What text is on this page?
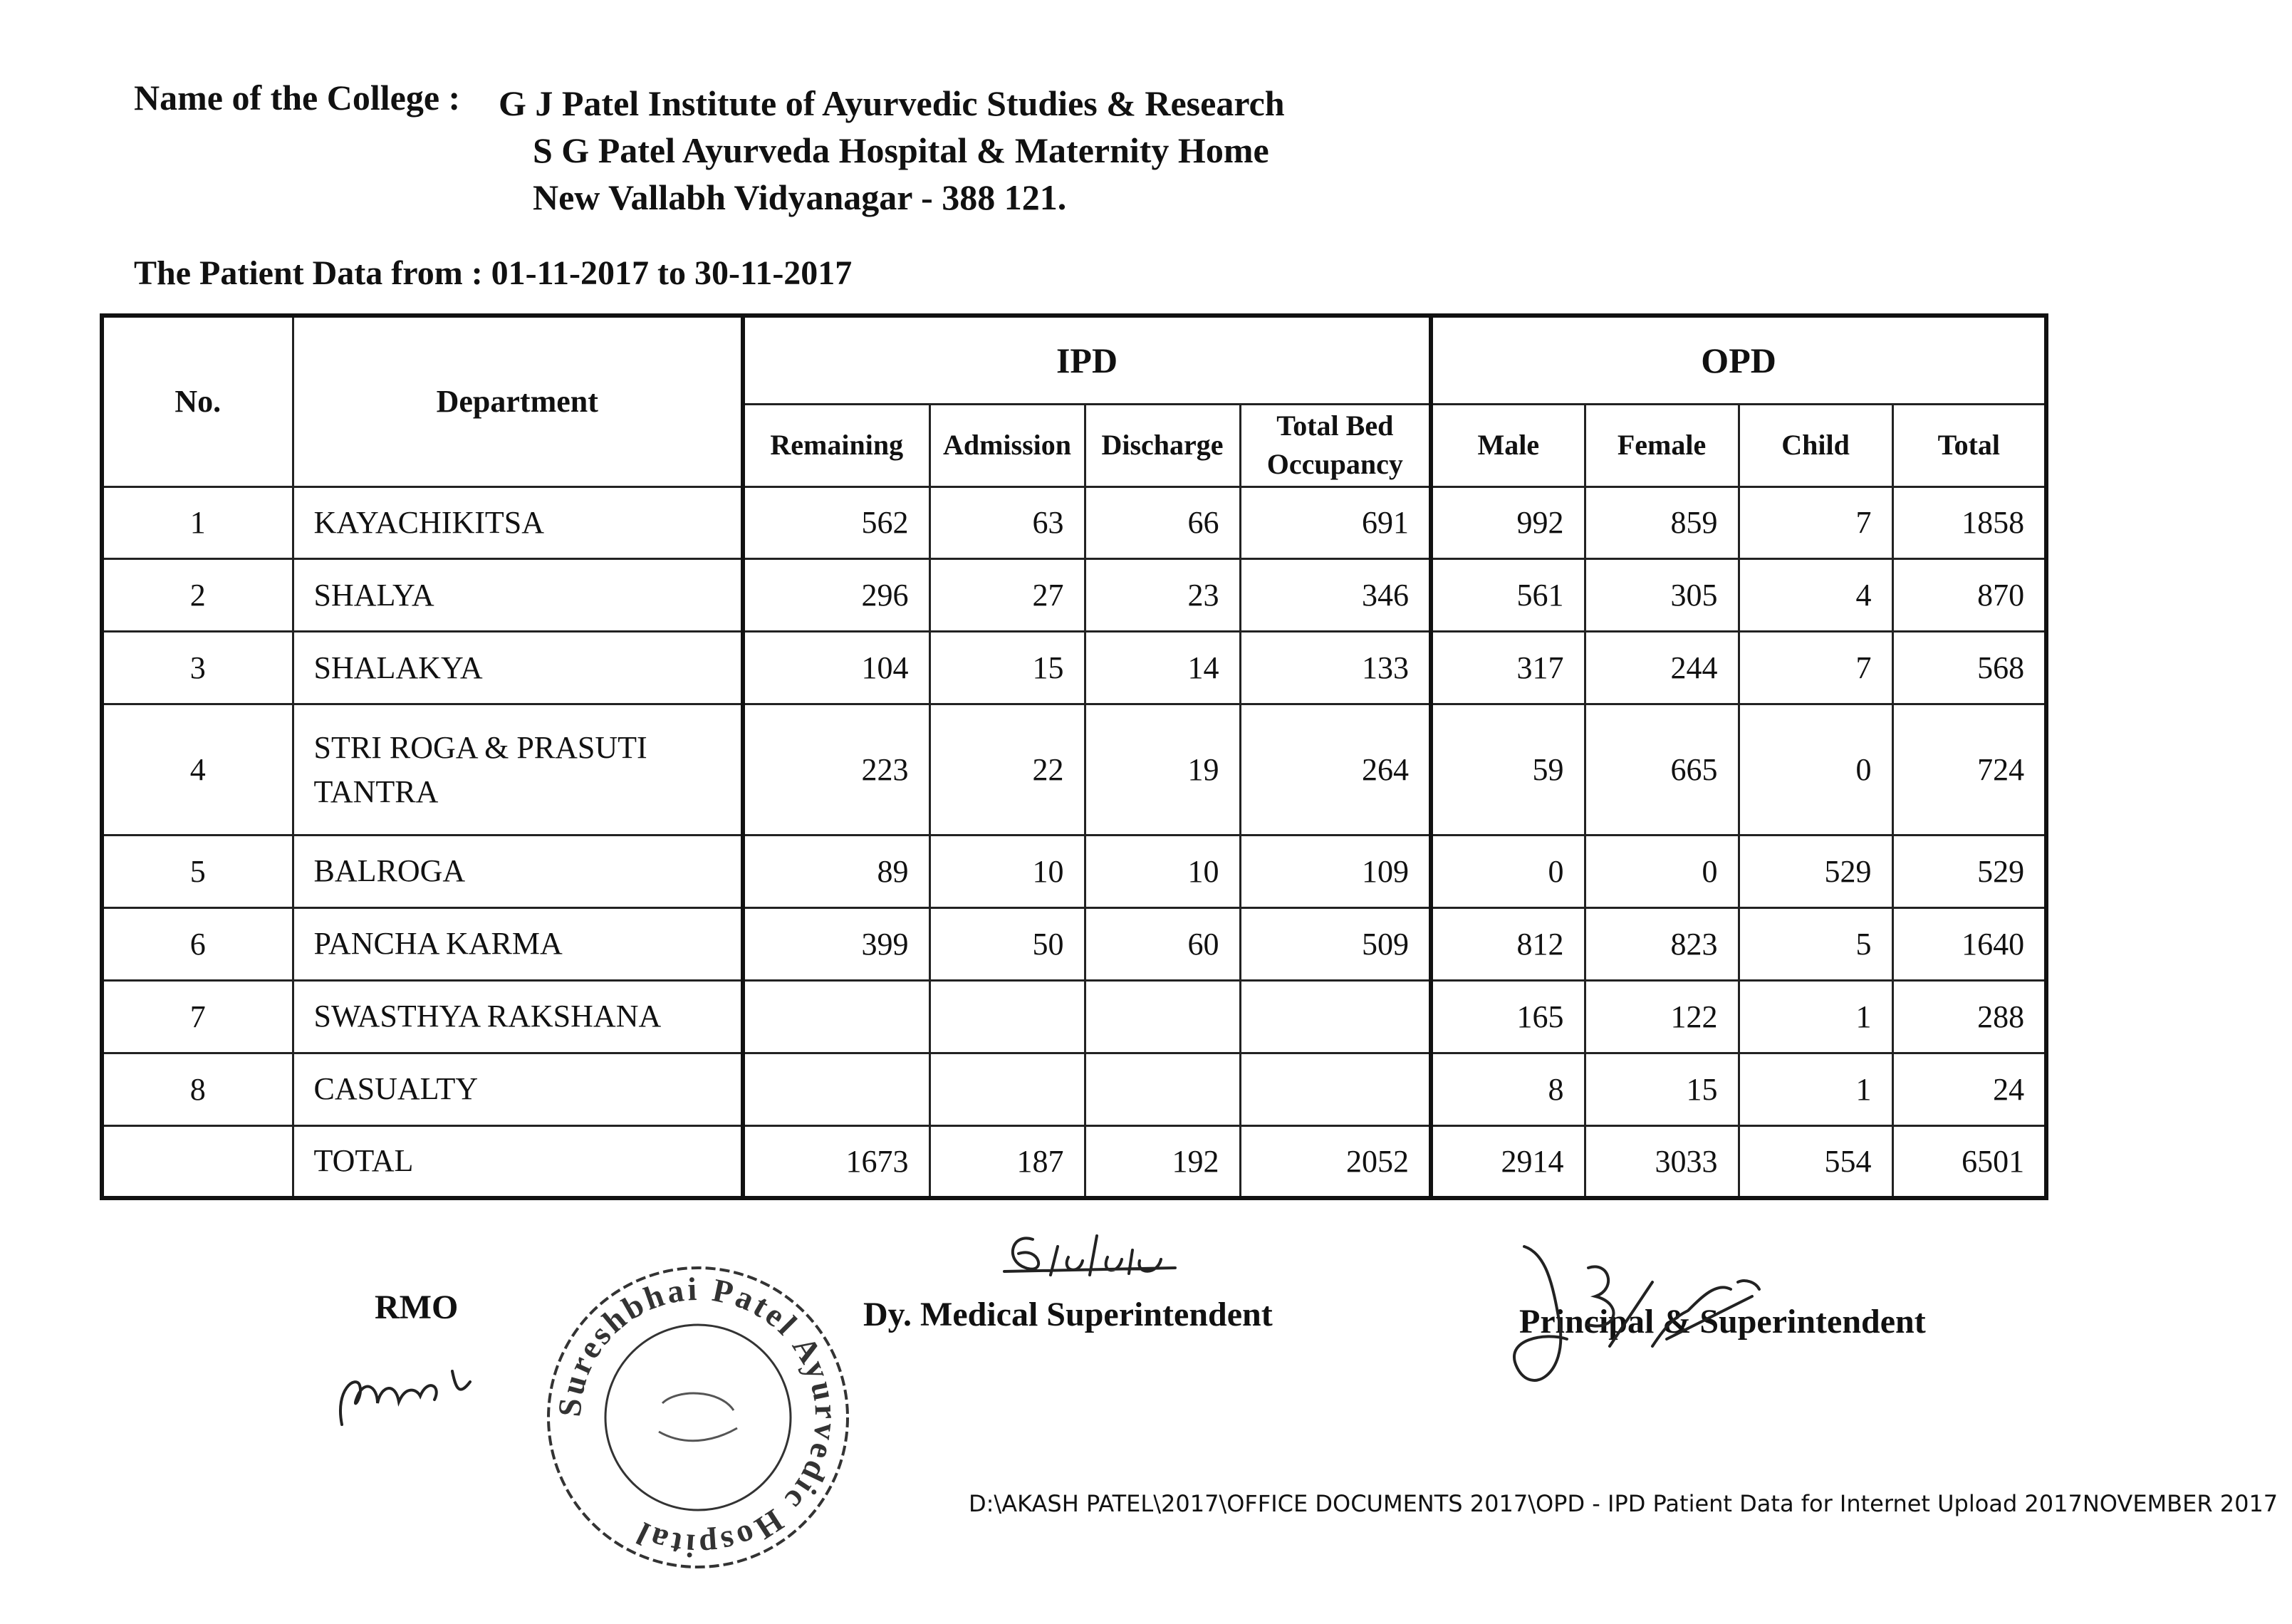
Name of the College : G J Patel Institute of Ayurvedic Studies & Research
S G Patel Ayurveda Hospital & Maternity Home
New Vallabh Vidyanagar - 388 121.
The Patient Data from : 01-11-2017 to 30-11-2017
No.	Department	IPD				OPD			
		Remaining	Admission	Discharge	Total Bed Occupancy	Male	Female	Child	Total
1	KAYACHIKITSA	562	63	66	691	992	859	7	1858
2	SHALYA	296	27	23	346	561	305	4	870
3	SHALAKYA	104	15	14	133	317	244	7	568
4	STRI ROGA & PRASUTI TANTRA	223	22	19	264	59	665	0	724
5	BALROGA	89	10	10	109	0	0	529	529
6	PANCHA KARMA	399	50	60	509	812	823	5	1640
7	SWASTHYA RAKSHANA					165	122	1	288
8	CASUALTY					8	15	1	24
	TOTAL	1673	187	192	2052	2914	3033	554	6501
RMO	Dy. Medical Superintendent	Principal & Superintendent
Sureshbhai Patel Ayurvedic Hospital
D:\AKASH PATEL\2017\OFFICE DOCUMENTS 2017\OPD - IPD Patient Data for Internet Upload 2017NOVEMBER 2017
